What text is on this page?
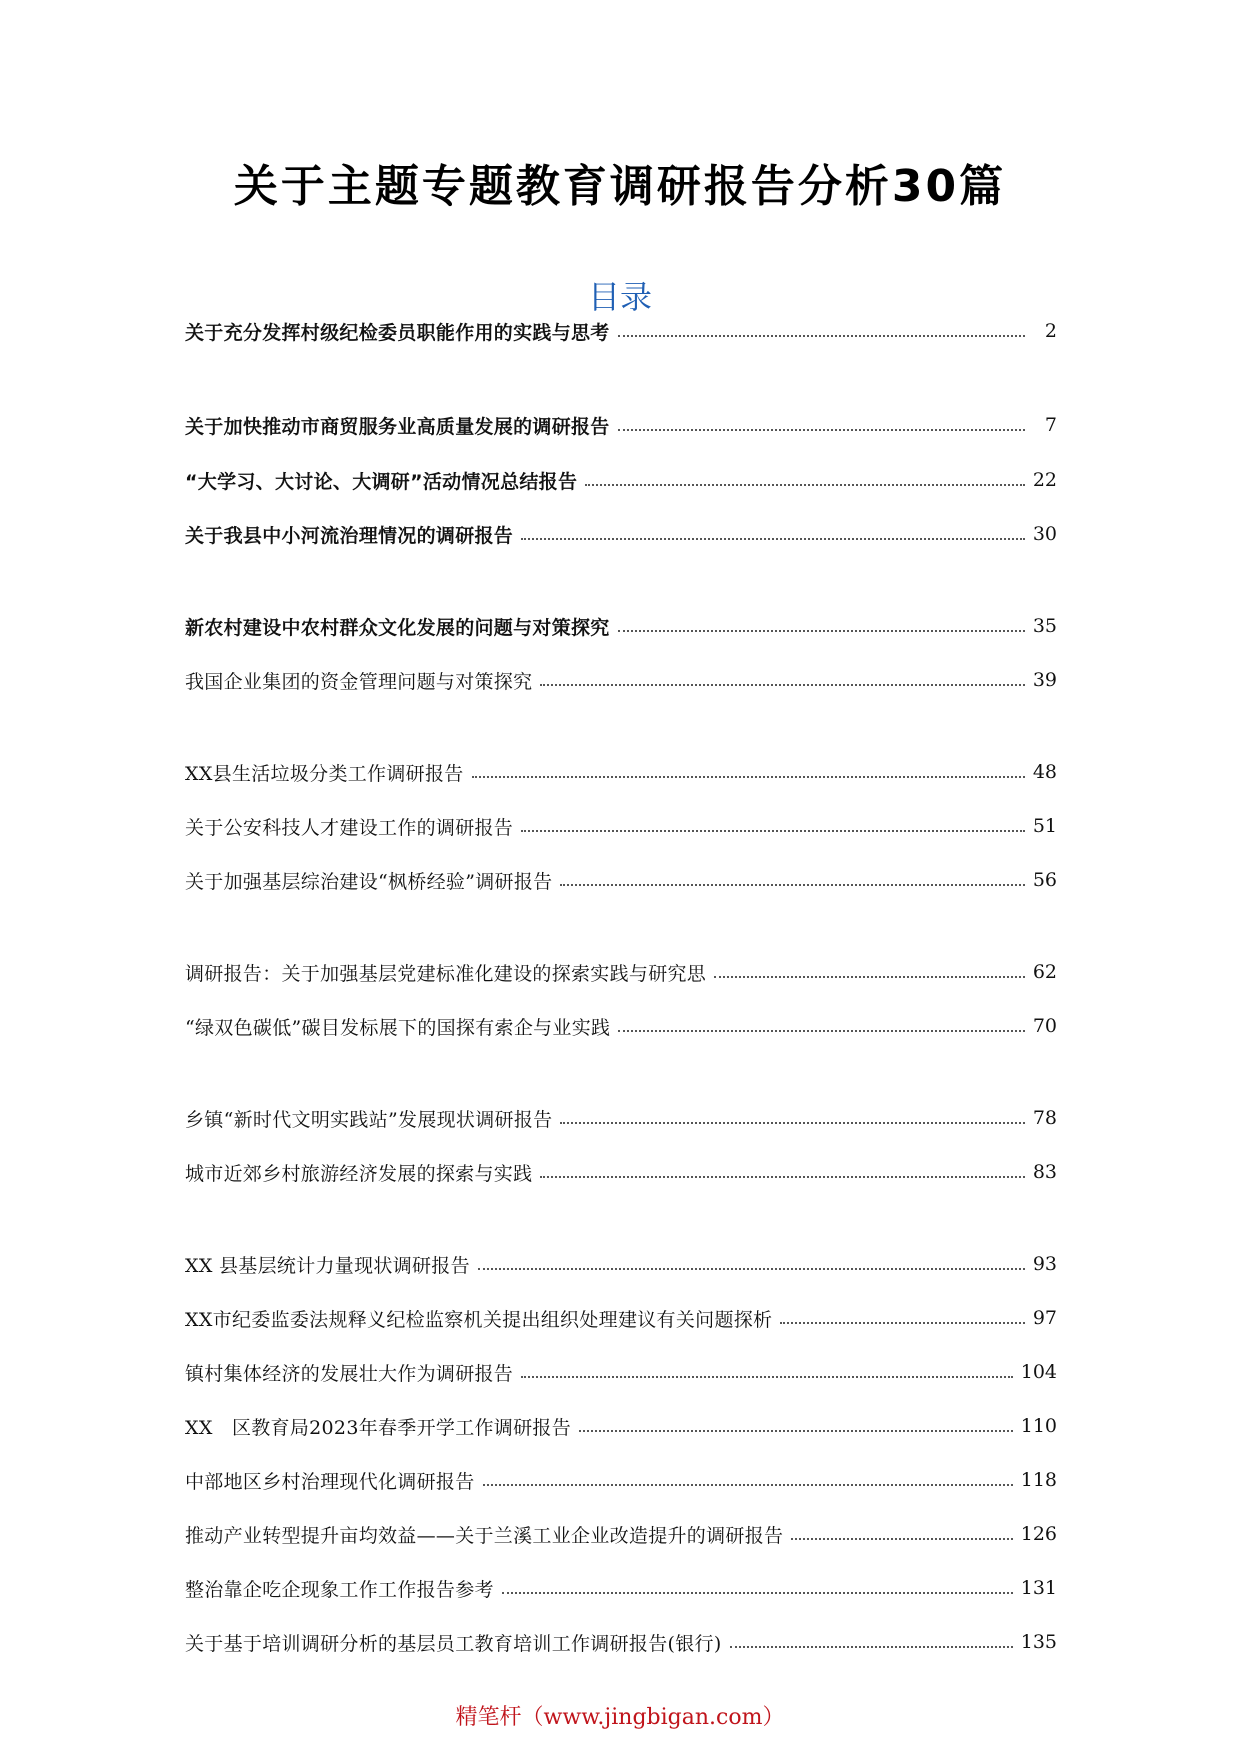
关于主题专题教育调研报告分析30篇
目录
关于充分发挥村级纪检委员职能作用的实践与思考	2
关于加快推动市商贸服务业高质量发展的调研报告	7
“大学习、大讨论、大调研”活动情况总结报告	22
关于我县中小河流治理情况的调研报告	30
新农村建设中农村群众文化发展的问题与对策探究	35
我国企业集团的资金管理问题与对策探究	39
XX县生活垃圾分类工作调研报告	48
关于公安科技人才建设工作的调研报告	51
关于加强基层综治建设“枫桥经验”调研报告	56
调研报告：关于加强基层党建标准化建设的探索实践与研究思	62
“绿双色碳低”碳目发标展下的国探有索企与业实践	70
乡镇“新时代文明实践站”发展现状调研报告	78
城市近郊乡村旅游经济发展的探索与实践	83
XX 县基层统计力量现状调研报告	93
XX市纪委监委法规释义纪检监察机关提出组织处理建议有关问题探析	97
镇村集体经济的发展壮大作为调研报告	104
XX　区教育局2023年春季开学工作调研报告	110
中部地区乡村治理现代化调研报告	118
推动产业转型提升亩均效益——关于兰溪工业企业改造提升的调研报告	126
整治靠企吃企现象工作工作报告参考	131
关于基于培训调研分析的基层员工教育培训工作调研报告(银行)	135
精笔杆（www.jingbigan.com）
